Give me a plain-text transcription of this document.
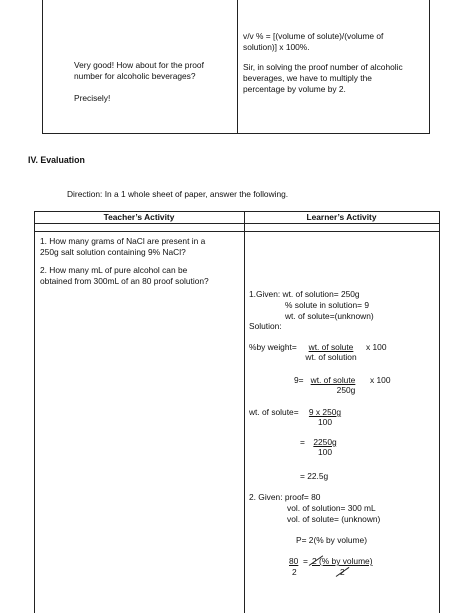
Very good! How about for the proof
number for alcoholic beverages?
Precisely!
v/v % = [(volume of solute)/(volume of
solution)] x 100%.
Sir, in solving the proof number of alcoholic
beverages, we have to multiply the
percentage by volume by 2.
IV. Evaluation
Direction: In a 1 whole sheet of paper, answer the following.
Teacher’s Activity	Learner’s Activity
1. How many grams of NaCl are present in a
250g salt solution containing 9% NaCl?
2. How many mL of pure alcohol can be
obtained from 300mL of an 80 proof solution?
1.Given: wt. of solution= 250g
% solute in solution= 9
wt. of solute=(unknown)
Solution:
%by weight=	wt. of solute
wt. of solution
x 100
9= wt. of solute
250g
x 100
wt. of solute= $\frac{9 x 250g}{100}$
= $\frac{2250g}{100}$
= 22.5g
2. Given: proof= 80
vol. of solution= 300 mL
vol. of solute= (unknown)
P= 2(% by volume)
80 = 2 (% by volume)
2	2
